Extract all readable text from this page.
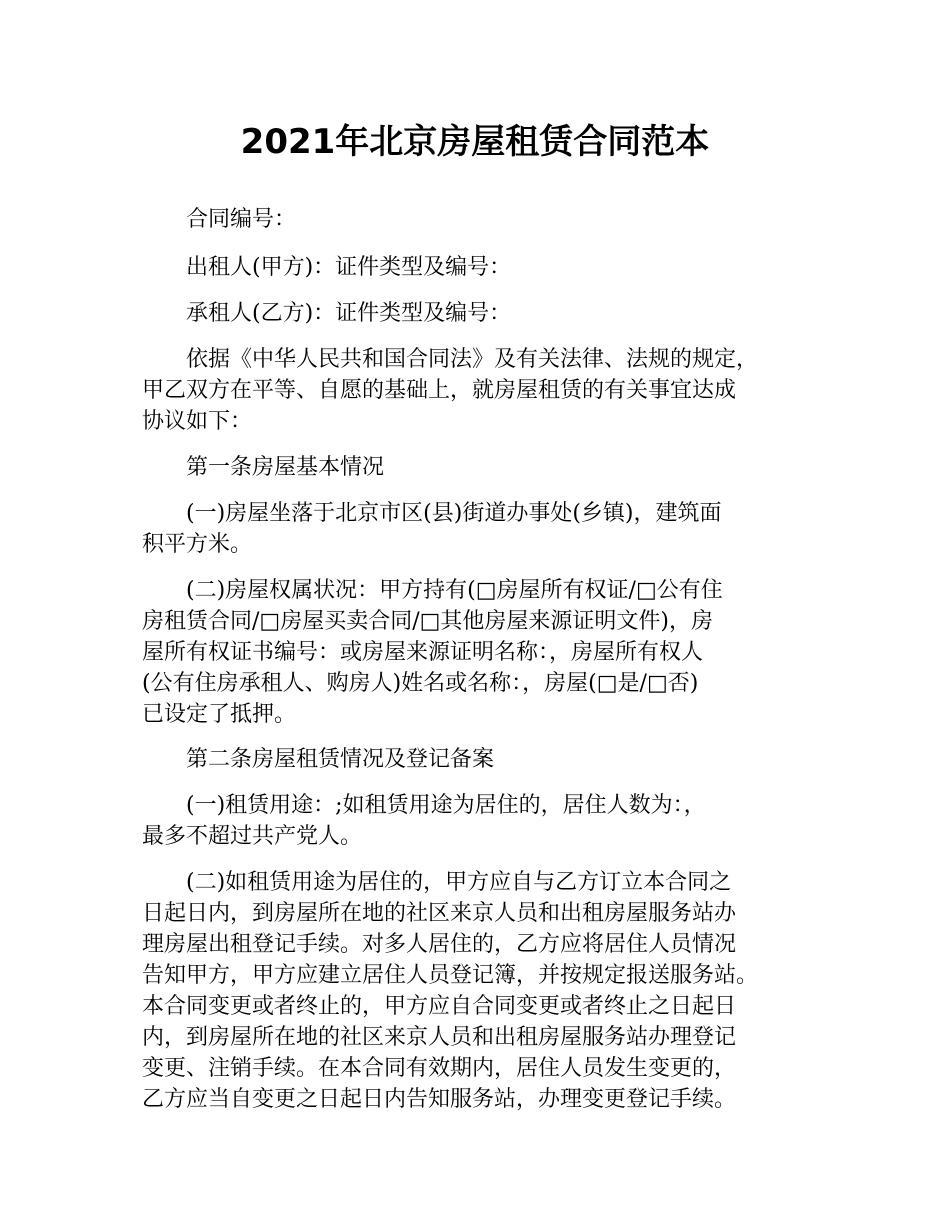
2021年北京房屋租赁合同范本

合同编号：

出租人(甲方)：证件类型及编号：

承租人(乙方)：证件类型及编号：

依据《中华人民共和国合同法》及有关法律、法规的规定，

甲乙双方在平等、自愿的基础上，就房屋租赁的有关事宜达成

协议如下：

第一条房屋基本情况

(一)房屋坐落于北京市区(县)街道办事处(乡镇)，建筑面

积平方米。

(二)房屋权属状况：甲方持有(□房屋所有权证/□公有住

房租赁合同/□房屋买卖合同/□其他房屋来源证明文件)，房

屋所有权证书编号：或房屋来源证明名称：，房屋所有权人

(公有住房承租人、购房人)姓名或名称：，房屋(□是/□否)

已设定了抵押。

第二条房屋租赁情况及登记备案

(一)租赁用途：;如租赁用途为居住的，居住人数为：，

最多不超过共产党人。

(二)如租赁用途为居住的，甲方应自与乙方订立本合同之

日起日内，到房屋所在地的社区来京人员和出租房屋服务站办

理房屋出租登记手续。对多人居住的，乙方应将居住人员情况

告知甲方，甲方应建立居住人员登记簿，并按规定报送服务站。

本合同变更或者终止的，甲方应自合同变更或者终止之日起日

内，到房屋所在地的社区来京人员和出租房屋服务站办理登记

变更、注销手续。在本合同有效期内，居住人员发生变更的，

乙方应当自变更之日起日内告知服务站，办理变更登记手续。
